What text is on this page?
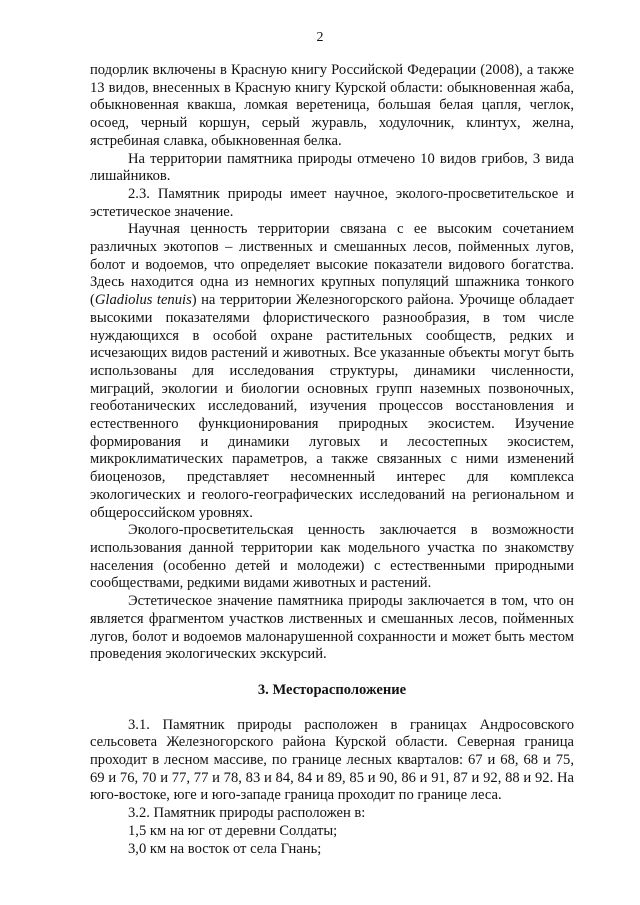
2

подорлик включены в Красную книгу Российской Федерации (2008), а также 13 видов, внесенных в Красную книгу Курской области: обыкновенная жаба, обыкновенная квакша, ломкая веретеница, большая белая цапля, чеглок, осоед, черный коршун, серый журавль, ходулочник, клинтух, желна, ястребиная славка, обыкновенная белка.

На территории памятника природы отмечено 10 видов грибов, 3 вида лишайников.

2.3. Памятник природы имеет научное, эколого-просветительское и эстетическое значение.

Научная ценность территории связана с ее высоким сочетанием различных экотопов – лиственных и смешанных лесов, пойменных лугов, болот и водоемов, что определяет высокие показатели видового богатства. Здесь находится одна из немногих крупных популяций шпажника тонкого (Gladiolus tenuis) на территории Железногорского района. Урочище обладает высокими показателями флористического разнообразия, в том числе нуждающихся в особой охране растительных сообществ, редких и исчезающих видов растений и животных. Все указанные объекты могут быть использованы для исследования структуры, динамики численности, миграций, экологии и биологии основных групп наземных позвоночных, геоботанических исследований, изучения процессов восстановления и естественного функционирования природных экосистем. Изучение формирования и динамики луговых и лесостепных экосистем, микроклиматических параметров, а также связанных с ними изменений биоценозов, представляет несомненный интерес для комплекса экологических и геолого-географических исследований на региональном и общероссийском уровнях.

Эколого-просветительская ценность заключается в возможности использования данной территории как модельного участка по знакомству населения (особенно детей и молодежи) с естественными природными сообществами, редкими видами животных и растений.

Эстетическое значение памятника природы заключается в том, что он является фрагментом участков лиственных и смешанных лесов, пойменных лугов, болот и водоемов малонарушенной сохранности и может быть местом проведения экологических экскурсий.

3. Месторасположение

3.1. Памятник природы расположен в границах Андросовского сельсовета Железногорского района Курской области. Северная граница проходит в лесном массиве, по границе лесных кварталов: 67 и 68, 68 и 75, 69 и 76, 70 и 77, 77 и 78, 83 и 84, 84 и 89, 85 и 90, 86 и 91, 87 и 92, 88 и 92. На юго-востоке, юге и юго-западе граница проходит по границе леса.

3.2. Памятник природы расположен в:

1,5 км на юг от деревни Солдаты;

3,0 км на восток от села Гнань;
